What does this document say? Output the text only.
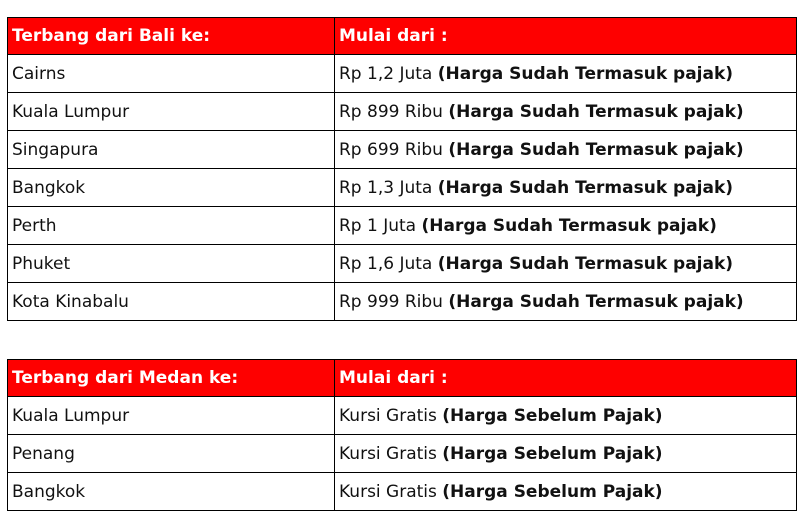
Terbang dari Bali ke:	Mulai dari :
Cairns	Rp 1,2 Juta (Harga Sudah Termasuk pajak)
Kuala Lumpur	Rp 899 Ribu (Harga Sudah Termasuk pajak)
Singapura	Rp 699 Ribu (Harga Sudah Termasuk pajak)
Bangkok	Rp 1,3 Juta (Harga Sudah Termasuk pajak)
Perth	Rp 1 Juta (Harga Sudah Termasuk pajak)
Phuket	Rp 1,6 Juta (Harga Sudah Termasuk pajak)
Kota Kinabalu	Rp 999 Ribu (Harga Sudah Termasuk pajak)
Terbang dari Medan ke:	Mulai dari :
Kuala Lumpur	Kursi Gratis (Harga Sebelum Pajak)
Penang	Kursi Gratis (Harga Sebelum Pajak)
Bangkok	Kursi Gratis (Harga Sebelum Pajak)
